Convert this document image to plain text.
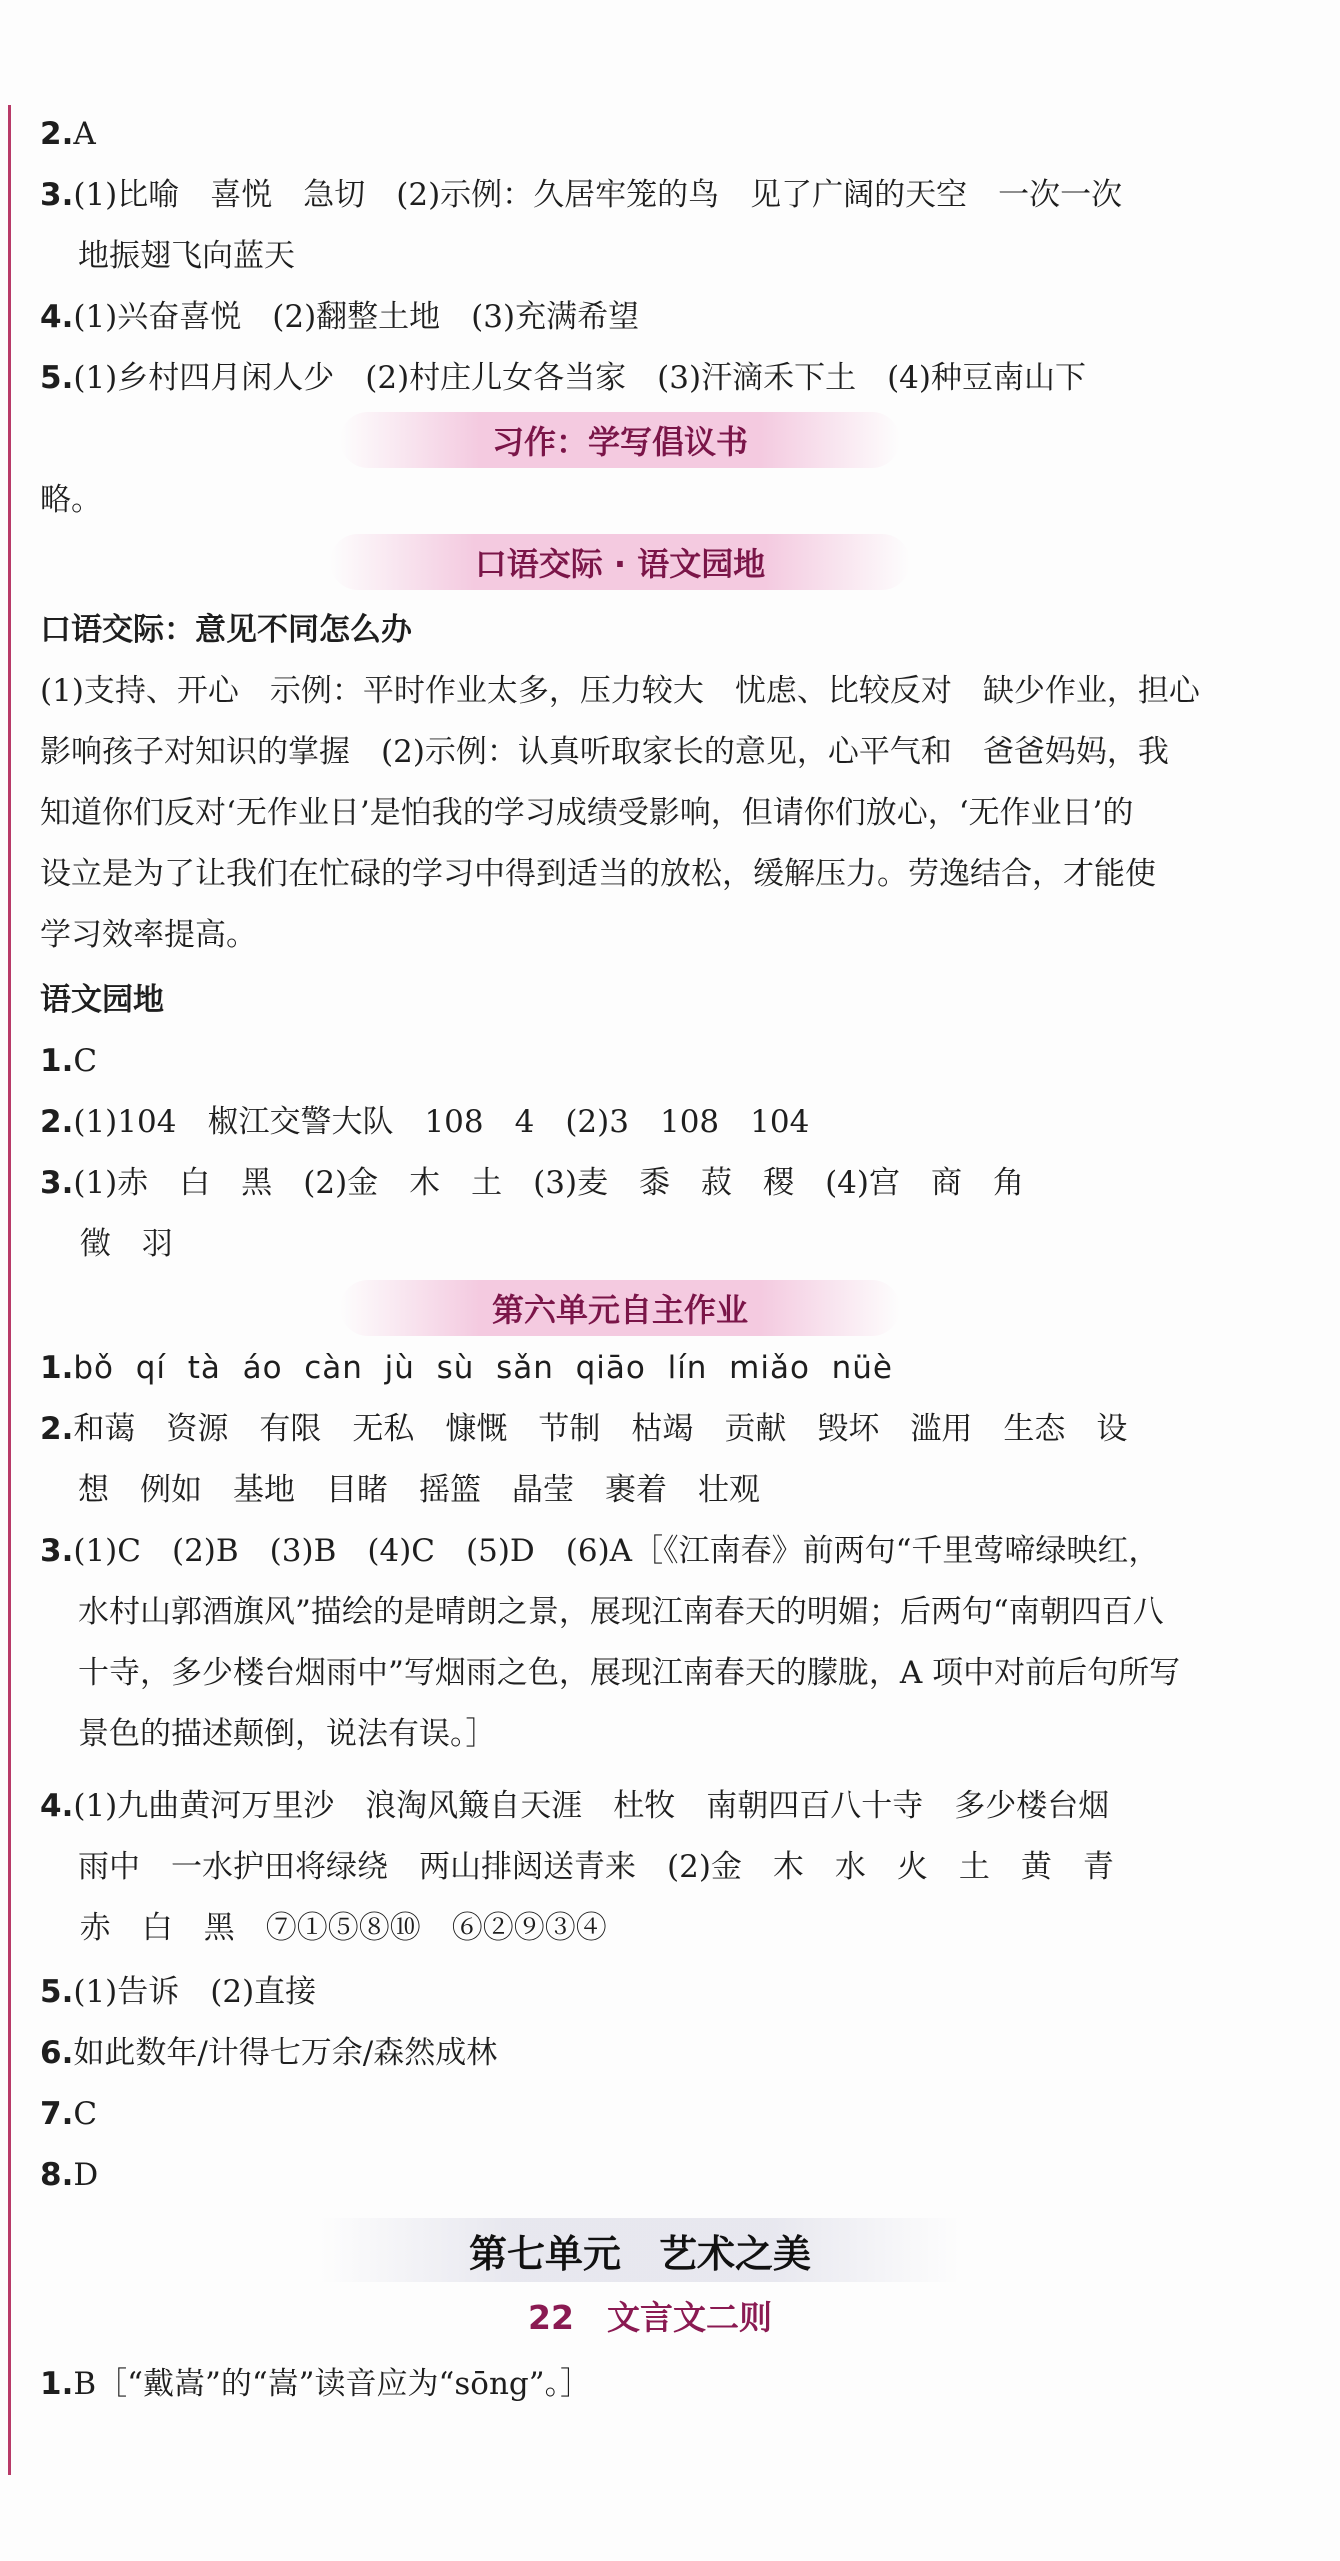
2.A
3.(1)比喻　喜悦　急切　(2)示例：久居牢笼的鸟　见了广阔的天空　一次一次
地振翅飞向蓝天
4.(1)兴奋喜悦　(2)翻整土地　(3)充满希望
5.(1)乡村四月闲人少　(2)村庄儿女各当家　(3)汗滴禾下土　(4)种豆南山下
习作：学写倡议书
略。
口语交际 · 语文园地
口语交际：意见不同怎么办
(1)支持、开心　示例：平时作业太多，压力较大　忧虑、比较反对　缺少作业，担心
影响孩子对知识的掌握　(2)示例：认真听取家长的意见，心平气和　爸爸妈妈，我
知道你们反对‘无作业日’是怕我的学习成绩受影响，但请你们放心，‘无作业日’的
设立是为了让我们在忙碌的学习中得到适当的放松，缓解压力。劳逸结合，才能使
学习效率提高。
语文园地
1.C
2.(1)104　椒江交警大队　108　4　(2)3　108　104
3.(1)赤　白　黑　(2)金　木　土　(3)麦　黍　菽　稷　(4)宫　商　角
徵　羽
第六单元自主作业
1.bǒ  qí  tà  áo  càn  jù  sù  sǎn  qiāo  lín  miǎo  nüè
2.和蔼　资源　有限　无私　慷慨　节制　枯竭　贡献　毁坏　滥用　生态　设
想　例如　基地　目睹　摇篮　晶莹　裹着　壮观
3.(1)C　(2)B　(3)B　(4)C　(5)D　(6)A［《江南春》前两句“千里莺啼绿映红，
水村山郭酒旗风”描绘的是晴朗之景，展现江南春天的明媚；后两句“南朝四百八
十寺，多少楼台烟雨中”写烟雨之色，展现江南春天的朦胧，A 项中对前后句所写
景色的描述颠倒，说法有误。］
4.(1)九曲黄河万里沙　浪淘风簸自天涯　杜牧　南朝四百八十寺　多少楼台烟
雨中　一水护田将绿绕　两山排闼送青来　(2)金　木　水　火　土　黄　青
赤　白　黑　⑦①⑤⑧⑩　⑥②⑨③④
5.(1)告诉　(2)直接
6.如此数年/计得七万余/森然成林
7.C
8.D
第七单元　艺术之美
22　文言文二则
1.B［“戴嵩”的“嵩”读音应为“sōng”。］
